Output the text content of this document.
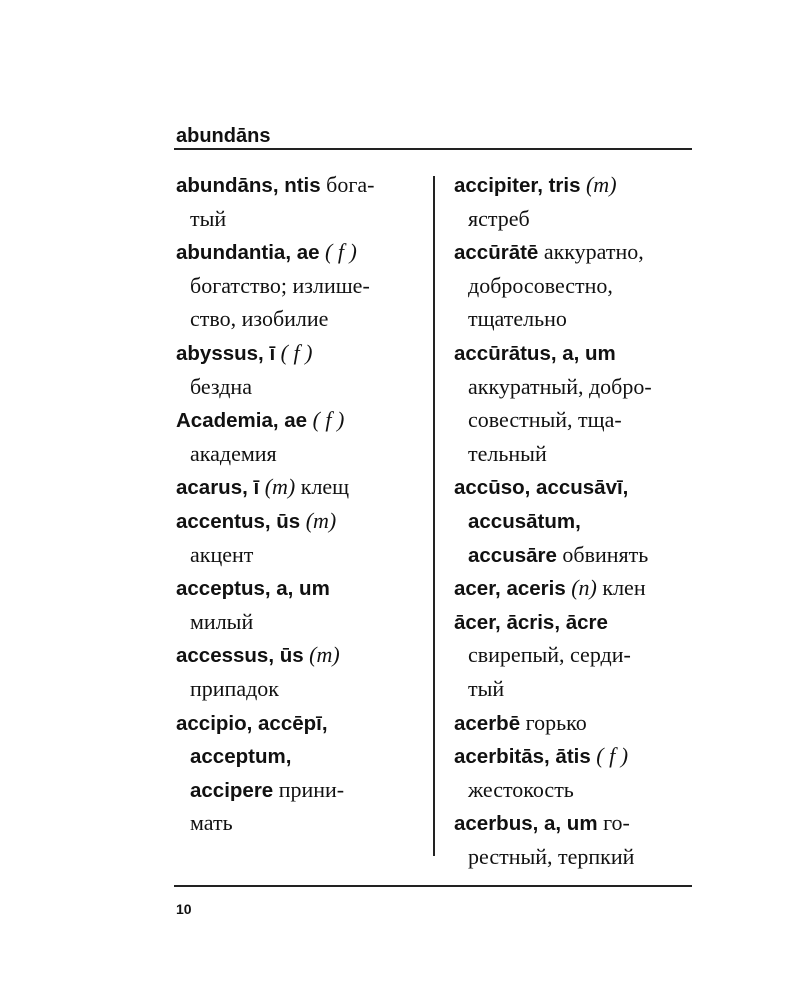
abundāns
abundāns, ntis бога-
тый
abundantia, ae ( f )
богатство; излише-
ство, изобилие
abyssus, ī ( f )
бездна
Academia, ae ( f )
академия
acarus, ī (m) клещ
accentus, ūs (m)
акцент
acceptus, a, um
милый
accessus, ūs (m)
припадок
accipio, accēpī,
acceptum,
accipere прини-
мать
accipiter, tris (m)
ястреб
accūrātē аккуратно,
добросовестно,
тщательно
accūrātus, a, um
аккуратный, добро-
совестный, тща-
тельный
accūso, accusāvī,
accusātum,
accusāre обвинять
acer, aceris (n) клен
ācer, ācris, ācre
свирепый, серди-
тый
acerbē горько
acerbitās, ātis ( f )
жестокость
acerbus, a, um го-
рестный, терпкий
10
